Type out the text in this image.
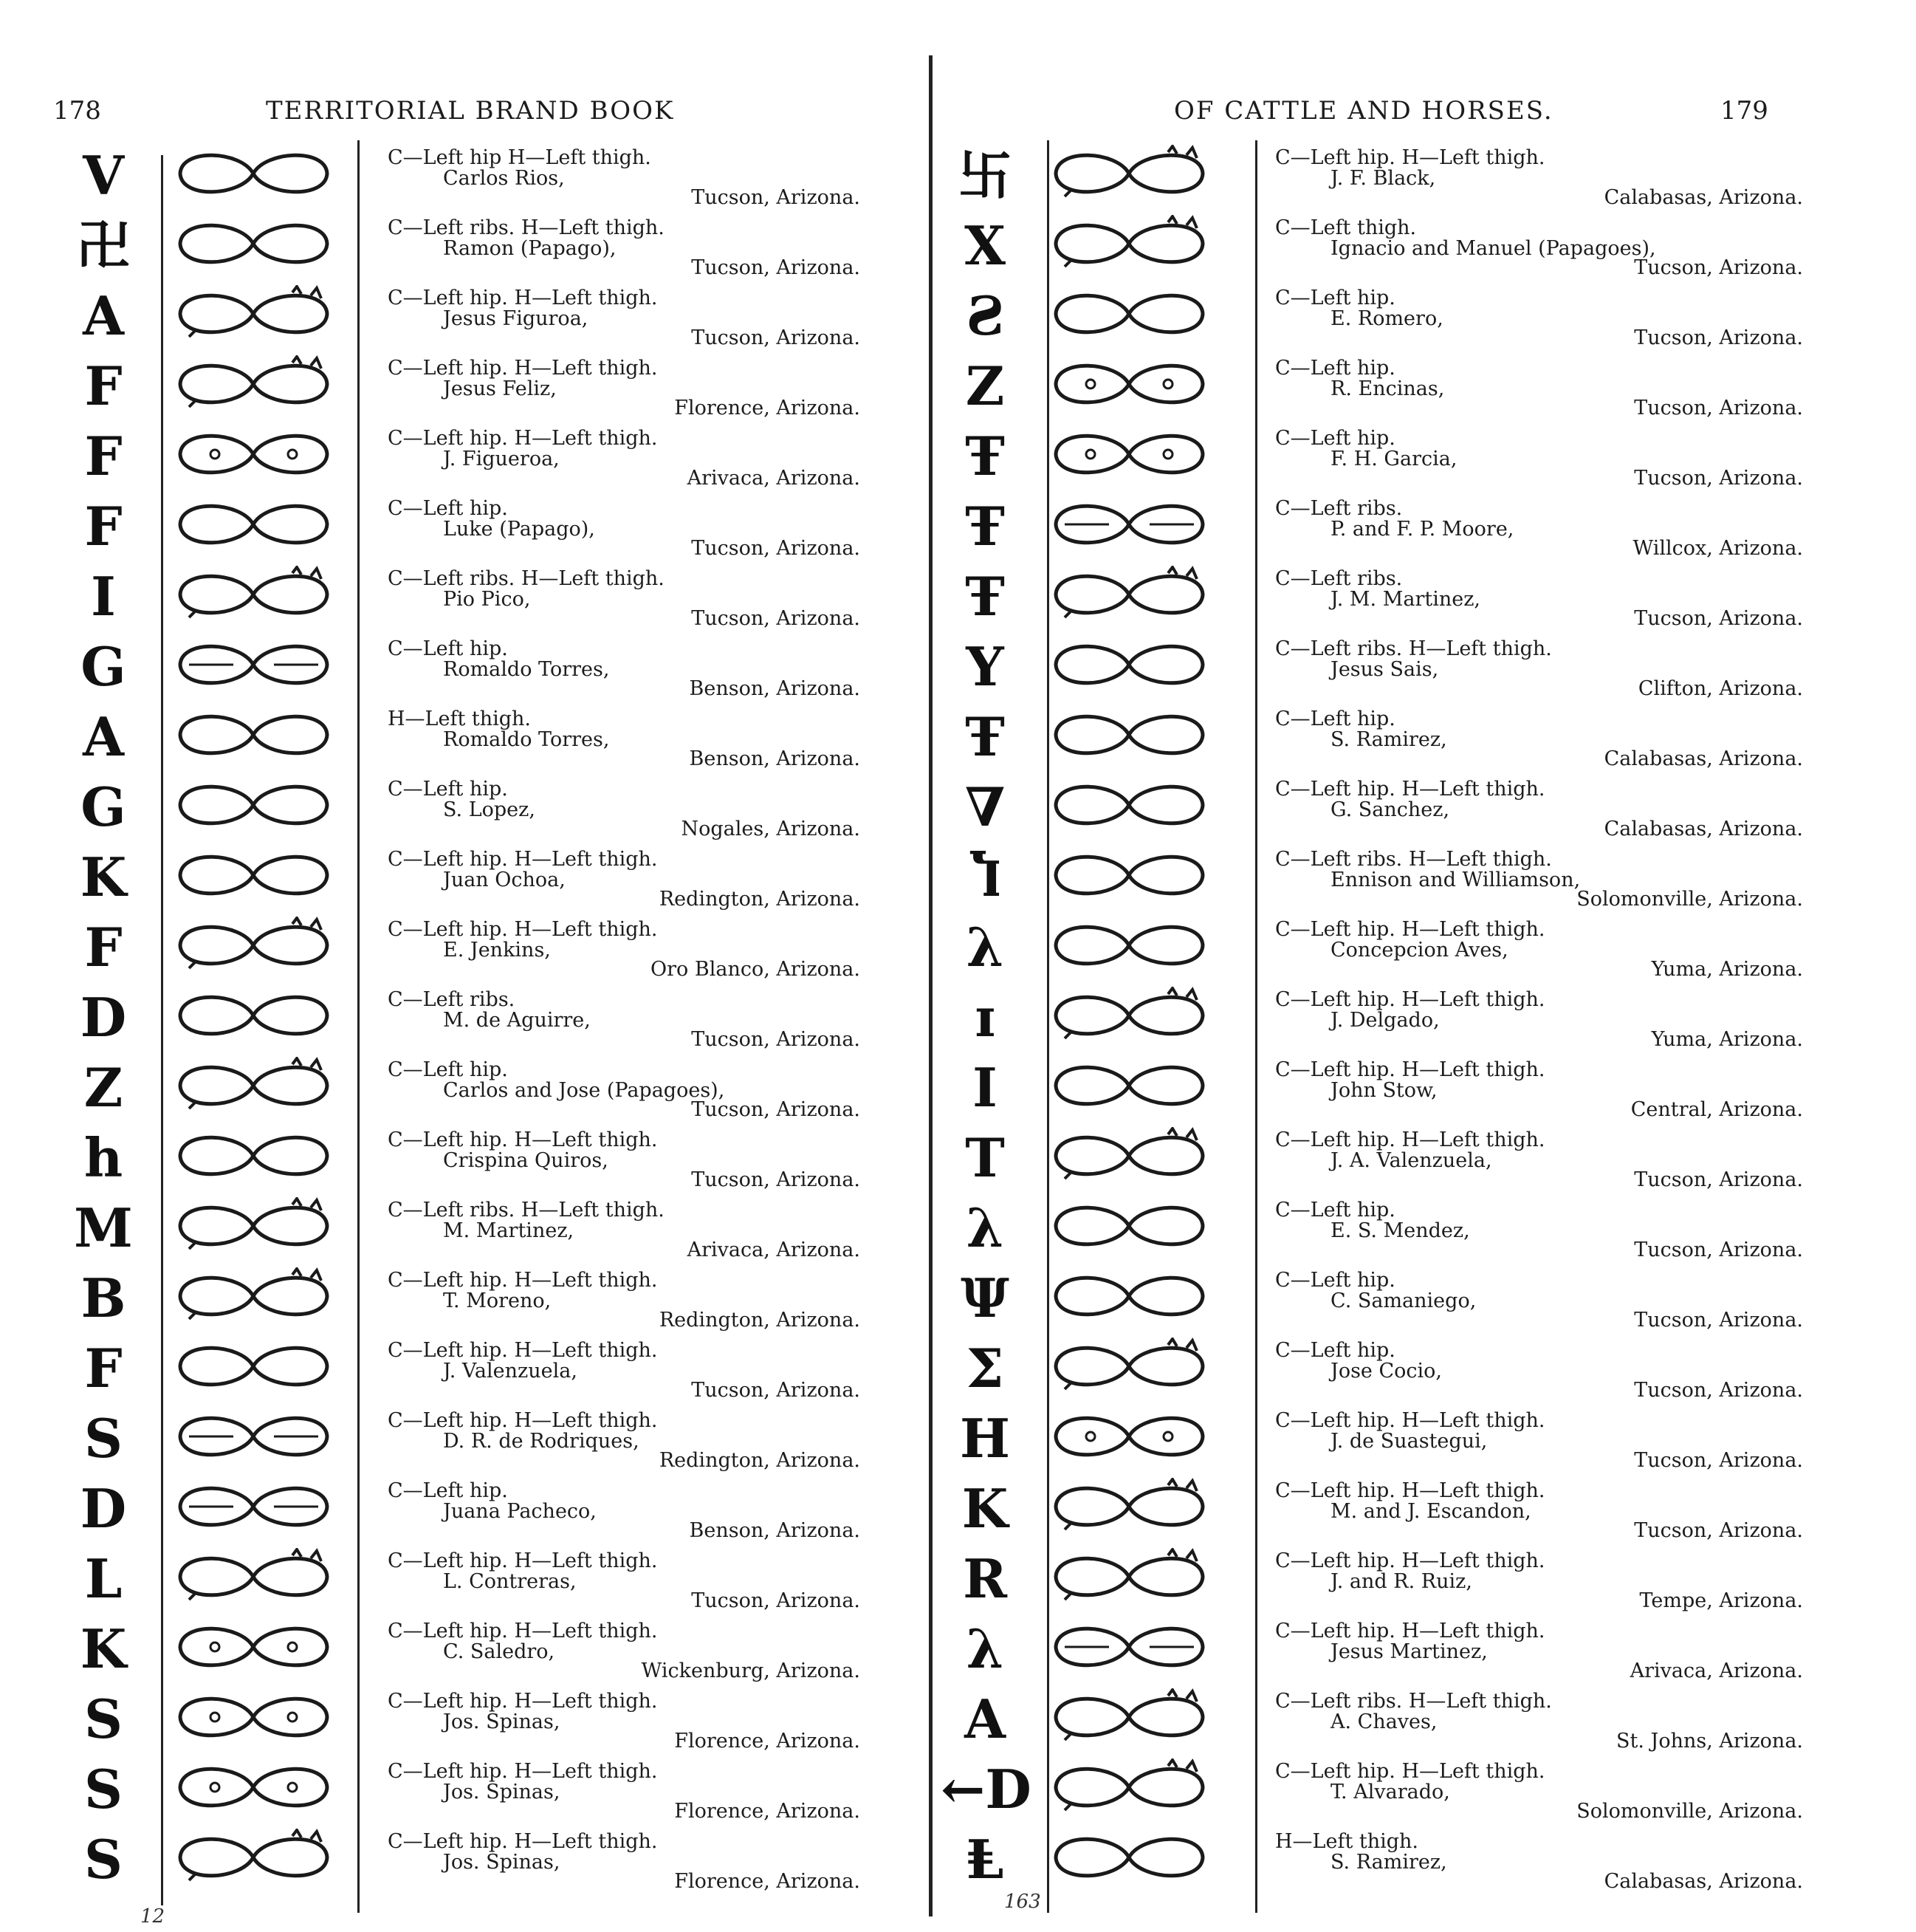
178	TERRITORIAL BRAND BOOK	OF CATTLE AND HORSES.	179
V	C—Left hip H—Left thigh.
Carlos Rios,
Tucson, Arizona.
卍	C—Left ribs. H—Left thigh.
Ramon (Papago),
Tucson, Arizona.
A	C—Left hip. H—Left thigh.
Jesus Figuroa,
Tucson, Arizona.
F	C—Left hip. H—Left thigh.
Jesus Feliz,
Florence, Arizona.
F	C—Left hip. H—Left thigh.
J. Figueroa,
Arivaca, Arizona.
F	C—Left hip.
Luke (Papago),
Tucson, Arizona.
I	C—Left ribs. H—Left thigh.
Pio Pico,
Tucson, Arizona.
G	C—Left hip.
Romaldo Torres,
Benson, Arizona.
A	H—Left thigh.
Romaldo Torres,
Benson, Arizona.
G	C—Left hip.
S. Lopez,
Nogales, Arizona.
K	C—Left hip. H—Left thigh.
Juan Ochoa,
Redington, Arizona.
F	C—Left hip. H—Left thigh.
E. Jenkins,
Oro Blanco, Arizona.
D	C—Left ribs.
M. de Aguirre,
Tucson, Arizona.
Z	C—Left hip.
Carlos and Jose (Papagoes),
Tucson, Arizona.
h	C—Left hip. H—Left thigh.
Crispina Quiros,
Tucson, Arizona.
M	C—Left ribs. H—Left thigh.
M. Martinez,
Arivaca, Arizona.
B	C—Left hip. H—Left thigh.
T. Moreno,
Redington, Arizona.
F	C—Left hip. H—Left thigh.
J. Valenzuela,
Tucson, Arizona.
S	C—Left hip. H—Left thigh.
D. R. de Rodriques,
Redington, Arizona.
D	C—Left hip.
Juana Pacheco,
Benson, Arizona.
L	C—Left hip. H—Left thigh.
L. Contreras,
Tucson, Arizona.
K	C—Left hip. H—Left thigh.
C. Saledro,
Wickenburg, Arizona.
S	C—Left hip. H—Left thigh.
Jos. Spinas,
Florence, Arizona.
S	C—Left hip. H—Left thigh.
Jos. Spinas,
Florence, Arizona.
S	C—Left hip. H—Left thigh.
Jos. Spinas,
Florence, Arizona.
卐	C—Left hip. H—Left thigh.
J. F. Black,
Calabasas, Arizona.
X	C—Left thigh.
Ignacio and Manuel (Papagoes),
Tucson, Arizona.
Ƨ	C—Left hip.
E. Romero,
Tucson, Arizona.
Z	C—Left hip.
R. Encinas,
Tucson, Arizona.
Ŧ	C—Left hip.
F. H. Garcia,
Tucson, Arizona.
Ŧ	C—Left ribs.
P. and F. P. Moore,
Willcox, Arizona.
Ŧ	C—Left ribs.
J. M. Martinez,
Tucson, Arizona.
Y	C—Left ribs. H—Left thigh.
Jesus Sais,
Clifton, Arizona.
Ŧ	C—Left hip.
S. Ramirez,
Calabasas, Arizona.
∇	C—Left hip. H—Left thigh.
G. Sanchez,
Calabasas, Arizona.
Ⴈ	C—Left ribs. H—Left thigh.
Ennison and Williamson,
Solomonville, Arizona.
λ	C—Left hip. H—Left thigh.
Concepcion Aves,
Yuma, Arizona.
ɪ	C—Left hip. H—Left thigh.
J. Delgado,
Yuma, Arizona.
I	C—Left hip. H—Left thigh.
John Stow,
Central, Arizona.
T	C—Left hip. H—Left thigh.
J. A. Valenzuela,
Tucson, Arizona.
λ	C—Left hip.
E. S. Mendez,
Tucson, Arizona.
Ψ	C—Left hip.
C. Samaniego,
Tucson, Arizona.
Σ	C—Left hip.
Jose Cocio,
Tucson, Arizona.
H	C—Left hip. H—Left thigh.
J. de Suastegui,
Tucson, Arizona.
K	C—Left hip. H—Left thigh.
M. and J. Escandon,
Tucson, Arizona.
R	C—Left hip. H—Left thigh.
J. and R. Ruiz,
Tempe, Arizona.
λ	C—Left hip. H—Left thigh.
Jesus Martinez,
Arivaca, Arizona.
A	C—Left ribs. H—Left thigh.
A. Chaves,
St. Johns, Arizona.
←D	C—Left hip. H—Left thigh.
T. Alvarado,
Solomonville, Arizona.
Ⱡ	H—Left thigh.
S. Ramirez,
Calabasas, Arizona.
12
163
